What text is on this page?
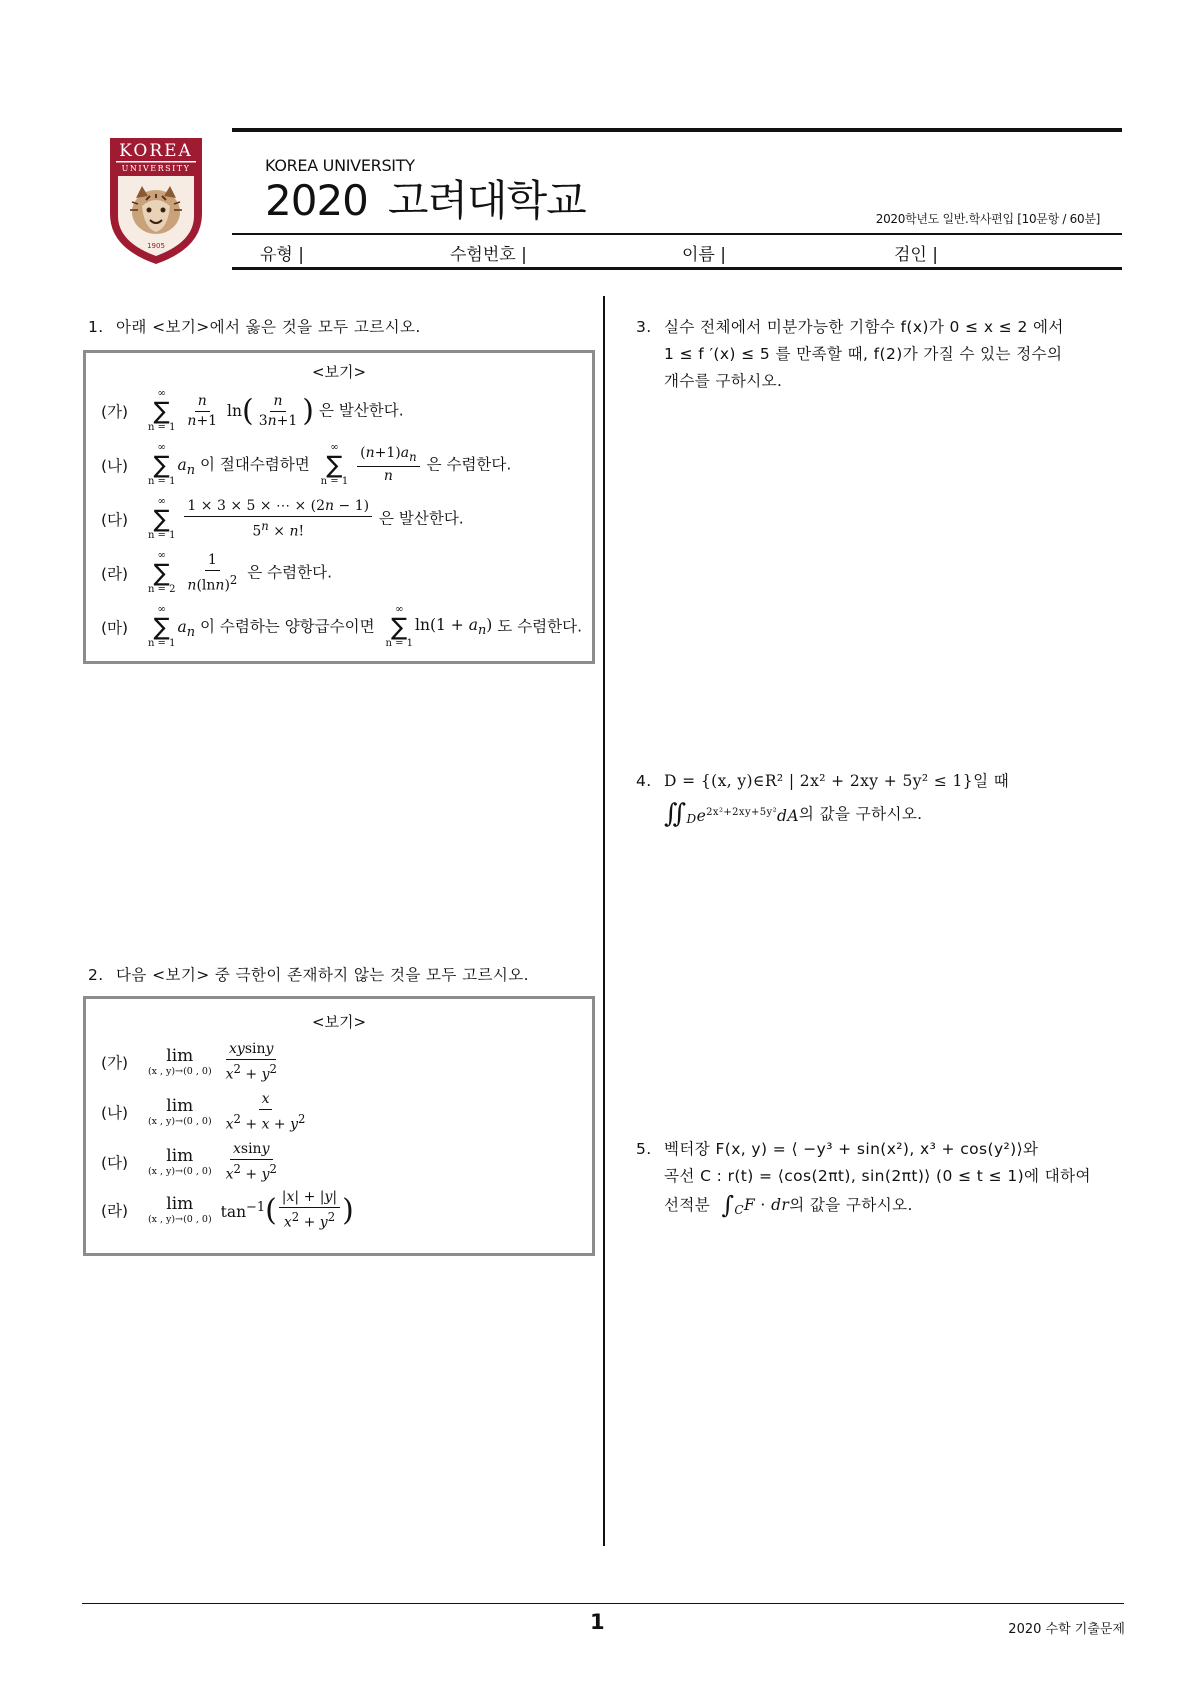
KOREA
UNIVERSITY
1905
KOREA UNIVERSITY
2020 고려대학교	2020학년도 일반.학사편입 [10문항 / 60분]
유형 |	수험번호 |	이름 |	검인 |
1. 아래 <보기>에서 옳은 것을 모두 고르시오.
<보기>
(가)
∞
∑
n = 1
$\frac{n}{n+1} \ln( \frac{n}{3n+1}$ ) 은 발산한다.
(나)
∞
∑
n = 1
$a_n$ 이 절대수렴하면
∞
∑
n = 1
$\frac{(n+1)a_n}{n}$ 은 수렴한다.
(다)
∞
∑
n = 1
$\frac{1 \times 3 \times 5 \times \cdots \times (2n - 1)}{5^n \times n!}$ 은 발산한다.
(라)
∞
∑
n = 2
$\frac{1}{n(\ln n)^2}$ 은 수렴한다.
(마)
∞
∑
n = 1
$a_n$ 이 수렴하는 양항급수이면
∞
∑
n = 1
$\ln(1 + a_n)$ 도 수렴한다.
2. 다음 <보기> 중 극한이 존재하지 않는 것을 모두 고르시오.
<보기>
(가) lim
(x , y)→(0 , 0)
$\frac{xysiny}{x^2 + y^2}$
(나) lim
(x , y)→(0 , 0)
$\frac{x}{x^2 + x + y^2}$
(다) lim
(x , y)→(0 , 0)
$\frac{xsiny}{x^2 + y^2}$
(라) lim
(x , y)→(0 , 0) $\tan^{-1}( \frac{|x| + |y|}{x^2 + y^2}$ )
3. 실수 전체에서 미분가능한 기함수 f(x)가 0 ≤ x ≤ 2 에서
1 ≤ f ′(x) ≤ 5 를 만족할 때, f(2)가 가질 수 있는 정수의
개수를 구하시오.
4. D = {(x, y)∈R² | 2x² + 2xy + 5y² ≤ 1}일 때
$∬_De^{2x^2+2xy+5y^2}dA$의 값을 구하시오.
5. 벡터장 F(x, y) = ⟨ −y³ + sin(x²), x³ + cos(y²)⟩와
곡선 C : r(t) = ⟨cos(2πt), sin(2πt)⟩ (0 ≤ t ≤ 1)에 대하여
선적분 $\int_CF$ · dr의 값을 구하시오.
1	2020 수학 기출문제
